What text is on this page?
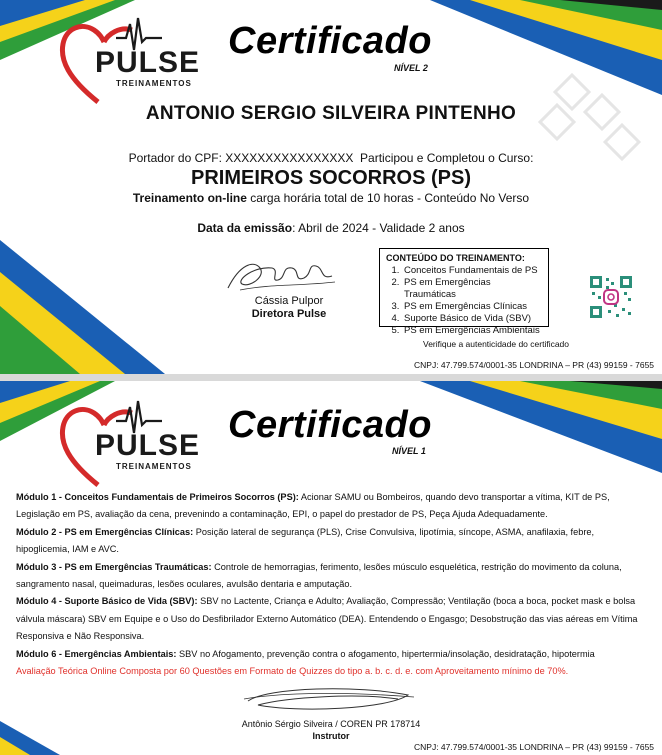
PULSE
TREINAMENTOS
Certificado
NÍVEL 2
ANTONIO SERGIO SILVEIRA PINTENHO
Portador do CPF: XXXXXXXXXXXXXXXX Participou e Completou o Curso:
PRIMEIROS SOCORROS (PS)
Treinamento on-line carga horária total de 10 horas - Conteúdo No Verso
Data da emissão: Abril de 2024 - Validade 2 anos
Cássia Pulpor
Diretora Pulse
CONTEÚDO DO TREINAMENTO:
1. Conceitos Fundamentais de PS
2. PS em Emergências Traumáticas
3. PS em Emergências Clínicas
4. Suporte Básico de Vida (SBV)
5. PS em Emergências Ambientais
Verifique a autenticidade do certificado
CNPJ: 47.799.574/0001-35 LONDRINA – PR (43) 99159 - 7655
PULSE
TREINAMENTOS
Certificado
NÍVEL 1

Módulo 1 - Conceitos Fundamentais de Primeiros Socorros (PS): Acionar SAMU ou Bombeiros, quando devo transportar a vítima, KIT de PS, Legislação em PS, avaliação da cena, prevenindo a contaminação, EPI, o papel do prestador de PS, Peça Ajuda Adequadamente.

Módulo 2 - PS em Emergências Clínicas: Posição lateral de segurança (PLS), Crise Convulsiva, lipotímia, síncope, ASMA, anafilaxia, febre, hipoglicemia, IAM e AVC.

Módulo 3 - PS em Emergências Traumáticas: Controle de hemorragias, ferimento, lesões músculo esquelética, restrição do movimento da coluna, sangramento nasal, queimaduras, lesões oculares, avulsão dentaria e amputação.

Módulo 4 - Suporte Básico de Vida (SBV): SBV no Lactente, Criança e Adulto; Avaliação, Compressão; Ventilação (boca a boca, pocket mask e bolsa válvula máscara) SBV em Equipe e o Uso do Desfibrilador Externo Automático (DEA). Entendendo o Engasgo; Desobstrução das vias aéreas em Vítima Responsiva e Não Responsiva.

Módulo 6 - Emergências Ambientais: SBV no Afogamento, prevenção contra o afogamento, hipertermia/insolação, desidratação, hipotermia

Avaliação Teórica Online Composta por 60 Questões em Formato de Quizzes do tipo a. b. c. d. e. com Aproveitamento mínimo de 70%.

Antônio Sérgio Silveira / COREN PR 178714
Instrutor
CNPJ: 47.799.574/0001-35 LONDRINA – PR (43) 99159 - 7655
